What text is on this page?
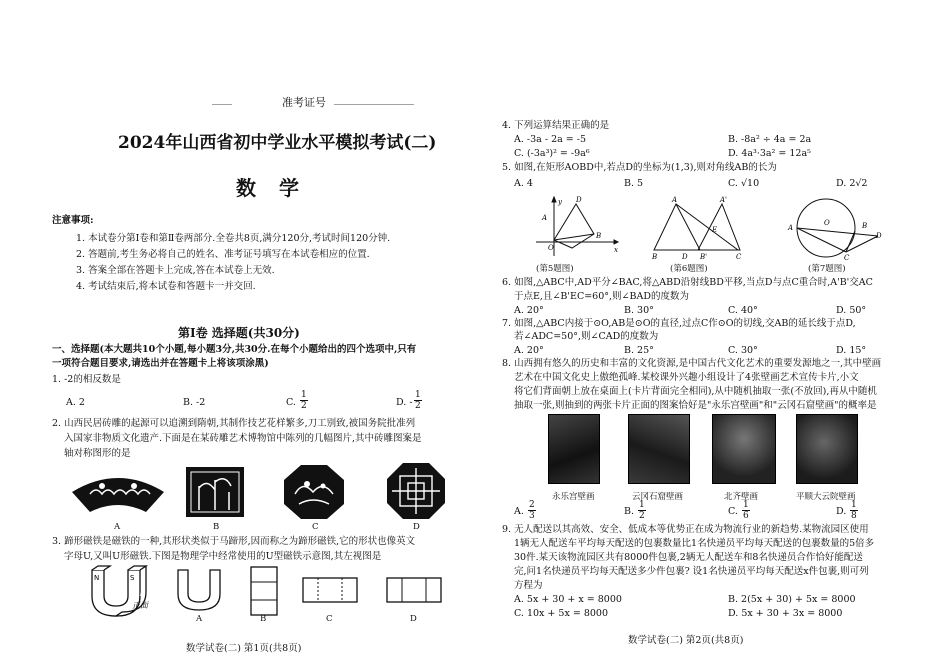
____	准考证号 ________________
2024年山西省初中学业水平模拟考试(二)
数 学
注意事项:
1. 本试卷分第Ⅰ卷和第Ⅱ卷两部分.全卷共8页,满分120分,考试时间120分钟.
2. 答题前,考生务必将自己的姓名、准考证号填写在本试卷相应的位置.
3. 答案全部在答题卡上完成,答在本试卷上无效.
4. 考试结束后,将本试卷和答题卡一并交回.
第Ⅰ卷 选择题(共30分)
一、选择题(本大题共10个小题,每小题3分,共30分.在每个小题给出的四个选项中,只有
一项符合题目要求,请选出并在答题卡上将该项涂黑)
1. -2的相反数是
A. 2	B. -2	C. $\frac{1}{2}$	D. - $\frac{1}{2}$
2. 山西民居砖雕的起源可以追溯到隋朝,其制作技艺花样繁多,刀工别致,被国务院批准列
入国家非物质文化遗产.下面是在某砖雕艺术博物馆中陈列的几幅图片,其中砖雕图案是
轴对称图形的是
A	B	C	D
3. 蹄形磁铁是磁铁的一种,其形状类似于马蹄形,因而称之为蹄形磁铁,它的形状也像英文
字母U,又叫U形磁铁.下图是物理学中经常使用的U型磁铁示意图,其左视图是
N	S
正面
A	B	C	D
数学试卷(二) 第1页(共8页)
4. 下列运算结果正确的是
A. -3a - 2a = -5	B. -8a² ÷ 4a = 2a
C. (-3a³)² = -9a⁶	D. 4a³·3a² = 12a⁵
5. 如图,在矩形AOBD中,若点D的坐标为(1,3),则对角线AB的长为
A. 4	B. 5	C. √10	D. 2√2
A
D
B
O	x
y	A	A'
B	D B'	C
E	A
O	B
D
C
(第5题图)	(第6题图)	(第7题图)
6. 如图,△ABC中,AD平分∠BAC,将△ABD沿射线BD平移,当点D与点C重合时,A'B'交AC
于点E,且∠B'EC=60°,则∠BAD的度数为
A. 20°	B. 30°	C. 40°	D. 50°
7. 如图,△ABC内接于⊙O,AB是⊙O的直径,过点C作⊙O的切线,交AB的延长线于点D,
若∠ADC=50°,则∠CAD的度数为
A. 20°	B. 25°	C. 30°	D. 15°
8. 山西拥有悠久的历史和丰富的文化资源,是中国古代文化艺术的重要发源地之一,其中壁画
艺术在中国文化史上傲绝孤峰.某校课外兴趣小组设计了4张壁画艺术宣传卡片,小文
将它们背面朝上放在桌面上(卡片背面完全相同),从中随机抽取一张(不放回),再从中随机
抽取一张,则抽到的两张卡片正面的图案恰好是"永乐宫壁画"和"云冈石窟壁画"的概率是
永乐宫壁画	云冈石窟壁画	北齐壁画	平顺大云院壁画
A. $\frac{2}{3}$	B. $\frac{1}{2}$	C. $\frac{1}{6}$	D. $\frac{1}{8}$
9. 无人配送以其高效、安全、低成本等优势正在成为物流行业的新趋势.某物流园区使用
1辆无人配送车平均每天配送的包裹数量比1名快递员平均每天配送的包裹数量的5倍多
30件.某天该物流园区共有8000件包裹,2辆无人配送车和8名快递员合作恰好能配送
完,问1名快递员平均每天配送多少件包裹? 设1名快递员平均每天配送x件包裹,则可列
方程为
A. 5x + 30 + x = 8000	B. 2(5x + 30) + 5x = 8000
C. 10x + 5x = 8000	D. 5x + 30 + 3x = 8000
数学试卷(二) 第2页(共8页)
